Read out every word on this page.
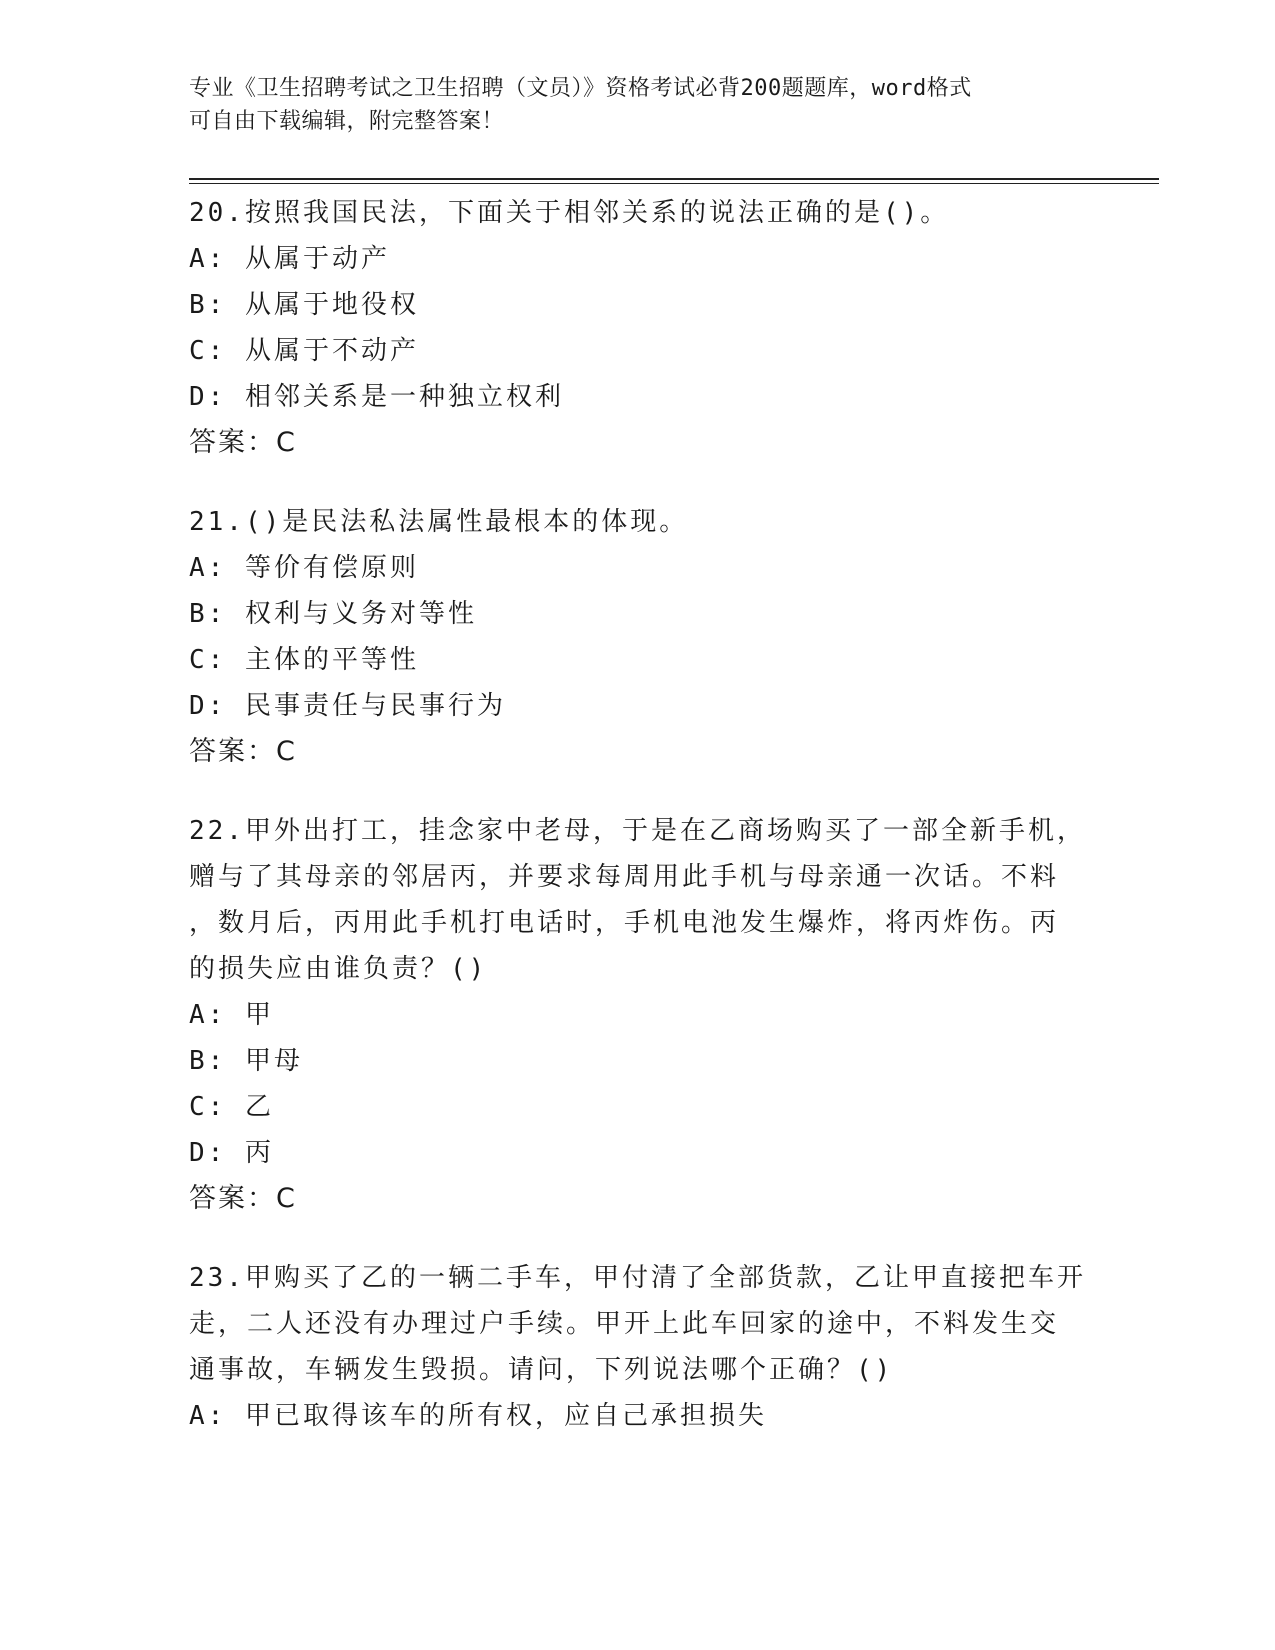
专业《卫生招聘考试之卫生招聘（文员）》资格考试必背200题题库，word格式
可自由下载编辑，附完整答案！
20.按照我国民法，下面关于相邻关系的说法正确的是()。
A: 从属于动产
B: 从属于地役权
C: 从属于不动产
D: 相邻关系是一种独立权利
答案：C
21.()是民法私法属性最根本的体现。
A: 等价有偿原则
B: 权利与义务对等性
C: 主体的平等性
D: 民事责任与民事行为
答案：C
22.甲外出打工，挂念家中老母，于是在乙商场购买了一部全新手机，
赠与了其母亲的邻居丙，并要求每周用此手机与母亲通一次话。不料
，数月后，丙用此手机打电话时，手机电池发生爆炸，将丙炸伤。丙
的损失应由谁负责？()
A: 甲
B: 甲母
C: 乙
D: 丙
答案：C
23.甲购买了乙的一辆二手车，甲付清了全部货款，乙让甲直接把车开
走，二人还没有办理过户手续。甲开上此车回家的途中，不料发生交
通事故，车辆发生毁损。请问，下列说法哪个正确？()
A: 甲已取得该车的所有权，应自己承担损失
